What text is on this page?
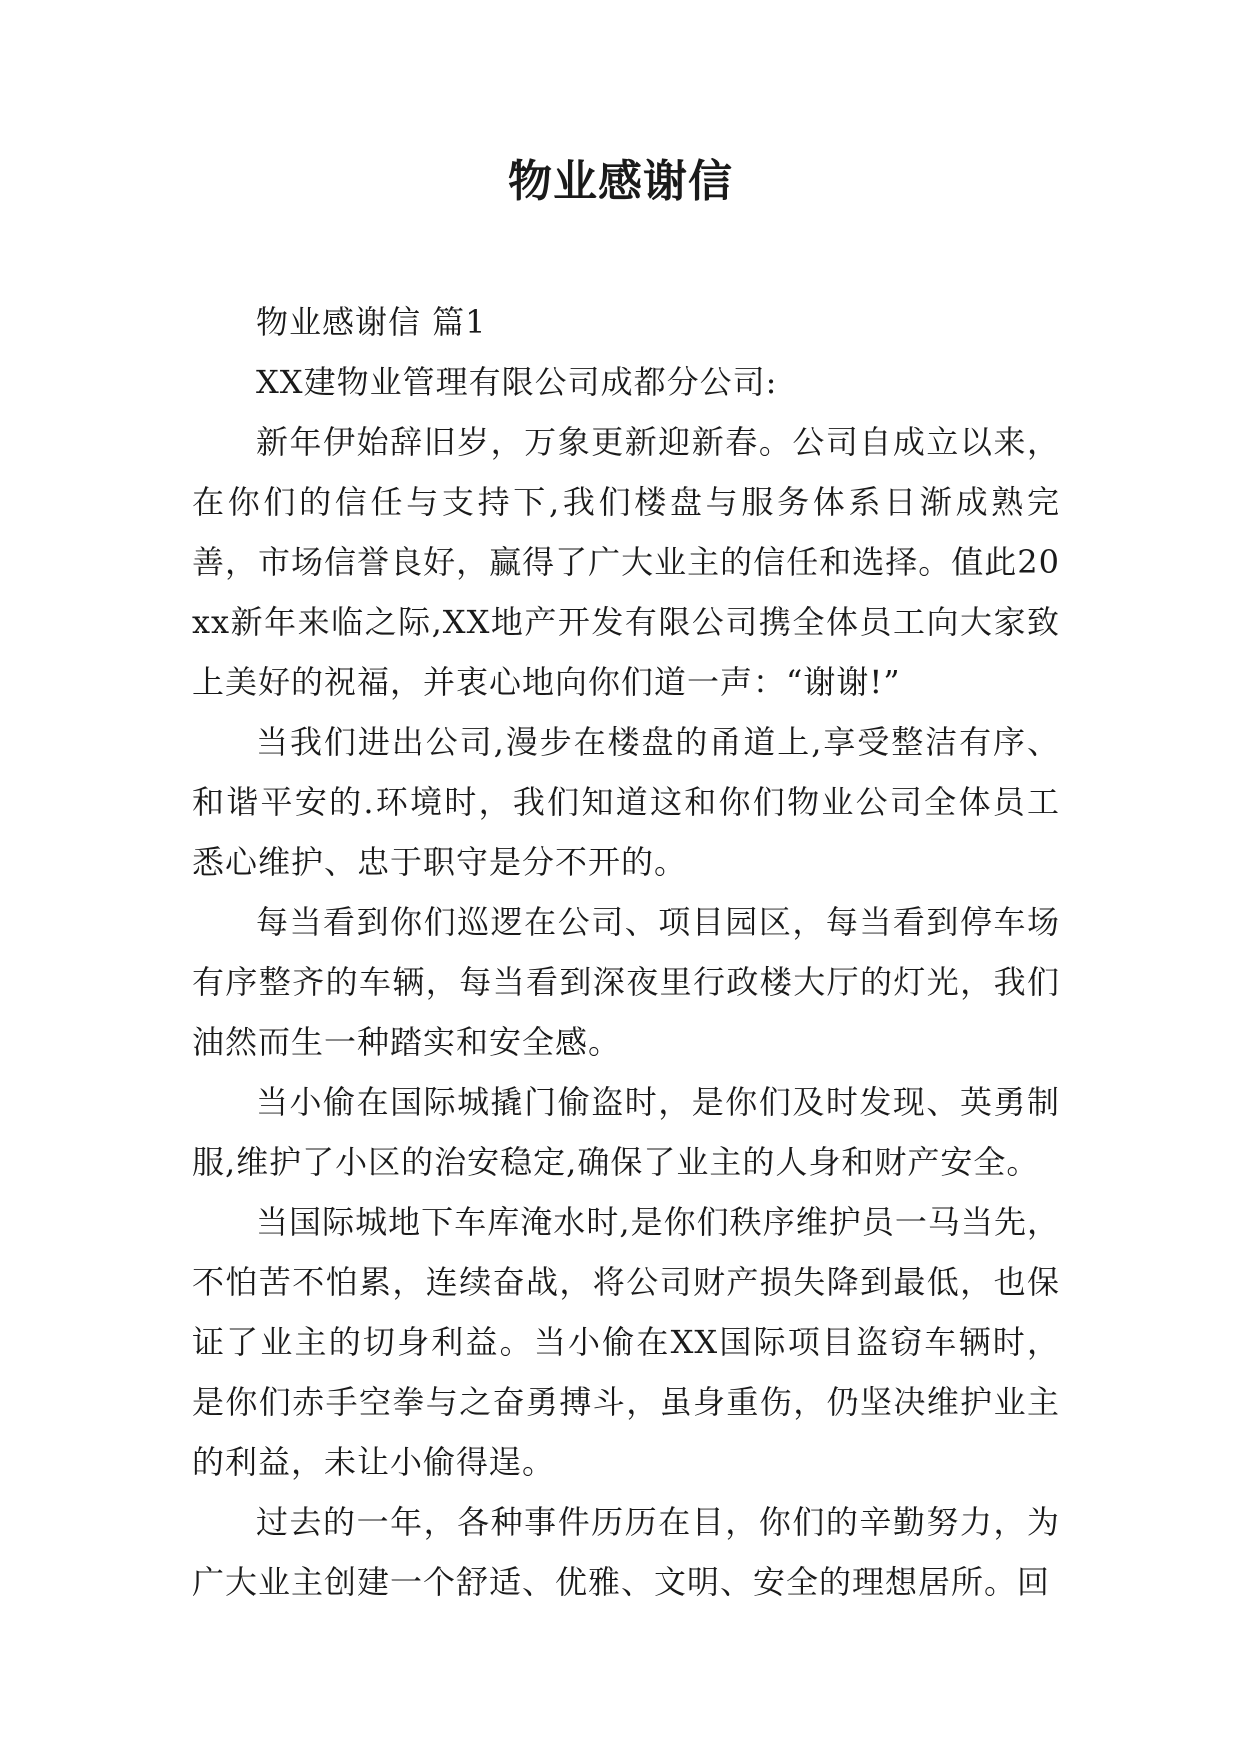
物业感谢信

物业感谢信 篇1

XX建物业管理有限公司成都分公司:

新年伊始辞旧岁，万象更新迎新春。公司自成立以来，在你们的信任与支持下,我们楼盘与服务体系日渐成熟完善，市场信誉良好，赢得了广大业主的信任和选择。值此20xx新年来临之际,XX地产开发有限公司携全体员工向大家致上美好的祝福，并衷心地向你们道一声：“谢谢!”

当我们进出公司,漫步在楼盘的甬道上,享受整洁有序、和谐平安的.环境时，我们知道这和你们物业公司全体员工悉心维护、忠于职守是分不开的。

每当看到你们巡逻在公司、项目园区，每当看到停车场有序整齐的车辆，每当看到深夜里行政楼大厅的灯光，我们油然而生一种踏实和安全感。

当小偷在国际城撬门偷盗时，是你们及时发现、英勇制服,维护了小区的治安稳定,确保了业主的人身和财产安全。

当国际城地下车库淹水时,是你们秩序维护员一马当先，不怕苦不怕累，连续奋战，将公司财产损失降到最低，也保证了业主的切身利益。当小偷在XX国际项目盗窃车辆时，是你们赤手空拳与之奋勇搏斗，虽身重伤，仍坚决维护业主的利益，未让小偷得逞。

过去的一年，各种事件历历在目，你们的辛勤努力，为广大业主创建一个舒适、优雅、文明、安全的理想居所。回
